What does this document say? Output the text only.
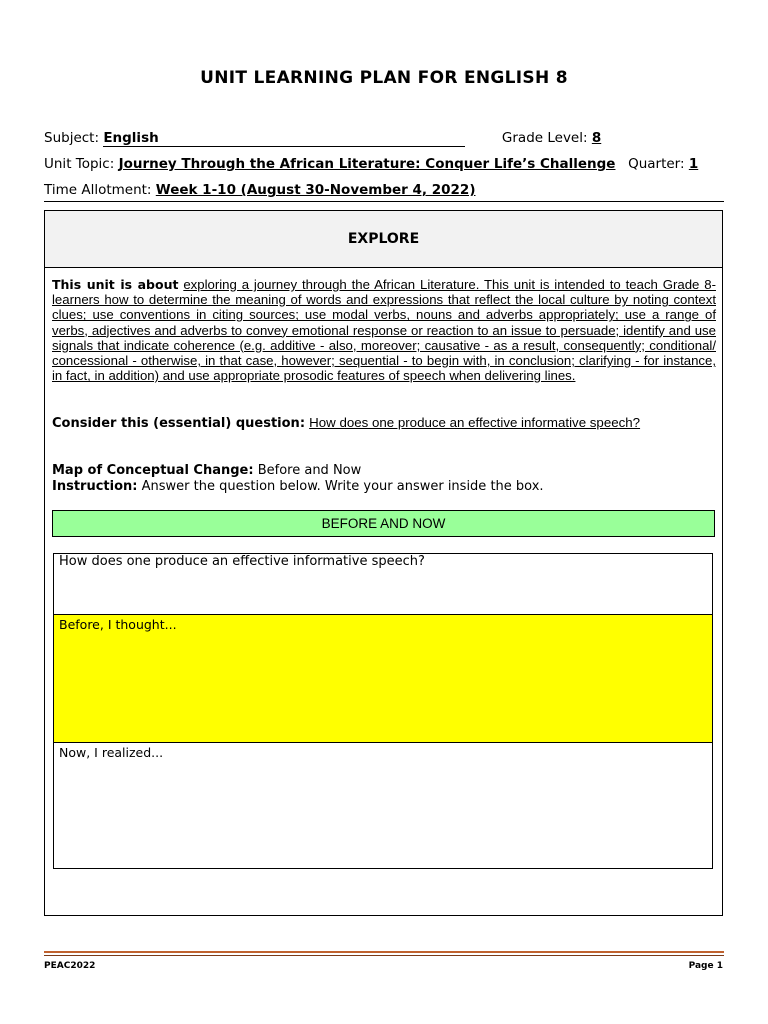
UNIT LEARNING PLAN FOR ENGLISH 8
Subject: English	Grade Level: 8
Unit Topic: Journey Through the African Literature: Conquer Life’s Challenge Quarter: 1
Time Allotment: Week 1-10 (August 30-November 4, 2022)
EXPLORE
This unit is about exploring a journey through the African Literature. This unit is intended to teach Grade 8-learners how to determine the meaning of words and expressions that reflect the local culture by noting context clues; use conventions in citing sources; use modal verbs, nouns and adverbs appropriately; use a range of verbs, adjectives and adverbs to convey emotional response or reaction to an issue to persuade; identify and use signals that indicate coherence (e.g. additive - also, moreover; causative - as a result, consequently; conditional/ concessional - otherwise, in that case, however; sequential - to begin with, in conclusion; clarifying - for instance, in fact, in addition) and use appropriate prosodic features of speech when delivering lines.
Consider this (essential) question: How does one produce an effective informative speech?
Map of Conceptual Change: Before and Now
Instruction: Answer the question below. Write your answer inside the box.
BEFORE AND NOW
How does one produce an effective informative speech?
Before, I thought...
Now, I realized...
PEAC2022	Page 1
